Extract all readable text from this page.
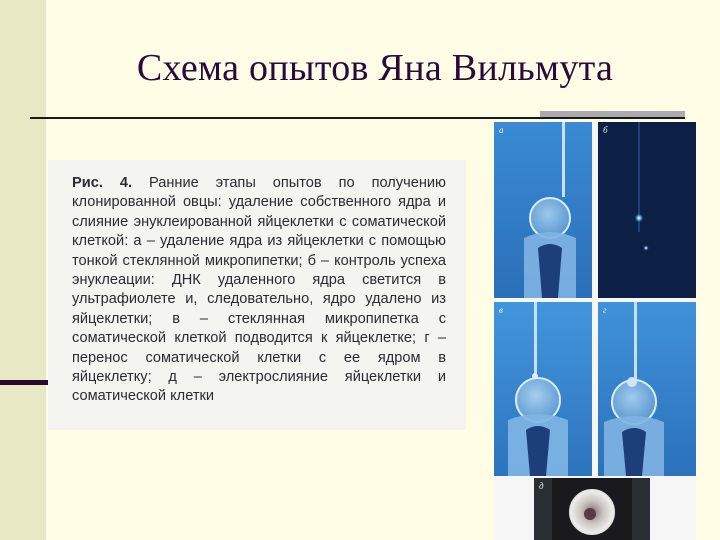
Схема опытов Яна Вильмута

Рис. 4. Ранние этапы опытов по получению клонированной овцы: удаление собственного ядра и слияние энуклеированной яйцеклетки с соматической клеткой: а – удаление ядра из яйцеклетки с помощью тонкой стеклянной микропипетки; б – контроль успеха энуклеации: ДНК удаленного ядра светится в ультрафиолете и, следовательно, ядро удалено из яйцеклетки; в – стеклянная микропипетка с соматической клеткой подводится к яйцеклетке; г – перенос соматической клетки с ее ядром в яйцеклетку; д – электрослияние яйцеклетки и соматической клетки

a	б
в	г
д
